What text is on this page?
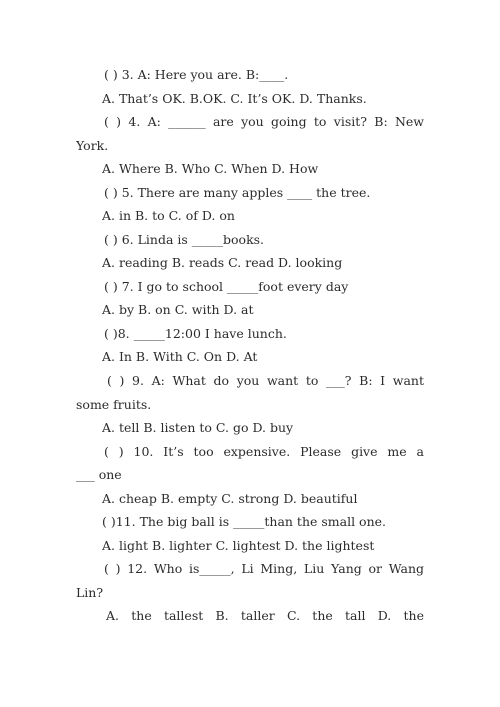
( ) 3. A: Here you are. B:____.
A. That’s OK. B.OK. C. It’s OK. D. Thanks.
( ) 4. A: ______ are you going to visit? B: New
York.
A. Where B. Who C. When D. How
( ) 5. There are many apples ____ the tree.
A. in B. to C. of D. on
( ) 6. Linda is _____books.
A. reading B. reads C. read D. looking
( ) 7. I go to school _____foot every day
A. by B. on C. with D. at
( )8. _____12:00 I have lunch.
A. In B. With C. On D. At
( ) 9. A: What do you want to ___? B: I want
some fruits.
A. tell B. listen to C. go D. buy
( ) 10. It’s too expensive. Please give me a
___ one
A. cheap B. empty C. strong D. beautiful
( )11. The big ball is _____than the small one.
A. light B. lighter C. lightest D. the lightest
( ) 12. Who is_____, Li Ming, Liu Yang or Wang
Lin?
A. the tallest B. taller C. the tall D. the
